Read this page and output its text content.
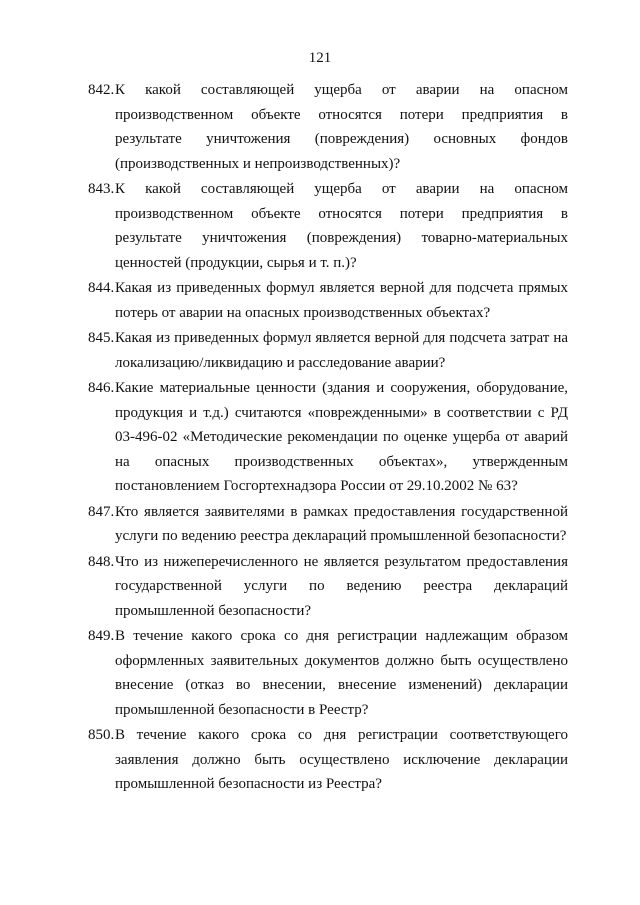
121
842. К какой составляющей ущерба от аварии на опасном производственном объекте относятся потери предприятия в результате уничтожения (повреждения) основных фондов (производственных и непроизводственных)?
843. К какой составляющей ущерба от аварии на опасном производственном объекте относятся потери предприятия в результате уничтожения (повреждения) товарно-материальных ценностей (продукции, сырья и т. п.)?
844. Какая из приведенных формул является верной для подсчета прямых потерь от аварии на опасных производственных объектах?
845. Какая из приведенных формул является верной для подсчета затрат на локализацию/ликвидацию и расследование аварии?
846. Какие материальные ценности (здания и сооружения, оборудование, продукция и т.д.) считаются «поврежденными» в соответствии с РД 03-496-02 «Методические рекомендации по оценке ущерба от аварий на опасных производственных объектах», утвержденным постановлением Госгортехнадзора России от 29.10.2002 № 63?
847. Кто является заявителями в рамках предоставления государственной услуги по ведению реестра деклараций промышленной безопасности?
848. Что из нижеперечисленного не является результатом предоставления государственной услуги по ведению реестра деклараций промышленной безопасности?
849. В течение какого срока со дня регистрации надлежащим образом оформленных заявительных документов должно быть осуществлено внесение (отказ во внесении, внесение изменений) декларации промышленной безопасности в Реестр?
850. В течение какого срока со дня регистрации соответствующего заявления должно быть осуществлено исключение декларации промышленной безопасности из Реестра?
